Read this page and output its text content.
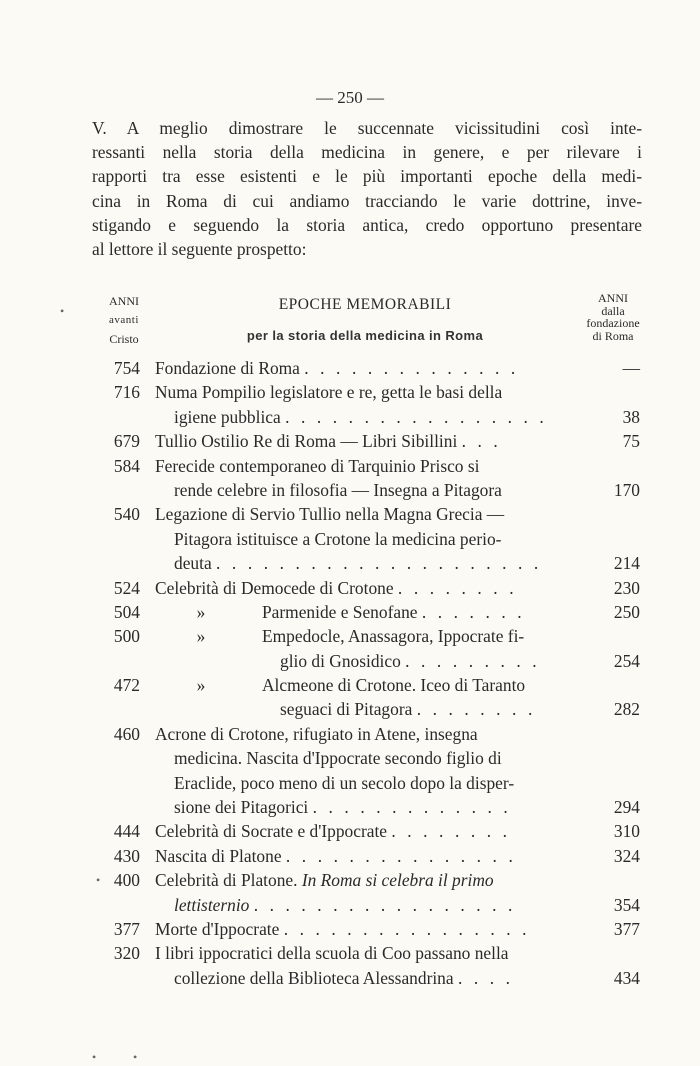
— 250 —
V. A meglio dimostrare le succennate vicissitudini così inte-
ressanti nella storia della medicina in genere, e per rilevare i
rapporti tra esse esistenti e le più importanti epoche della medi-
cina in Roma di cui andiamo tracciando le varie dottrine, inve-
stigando e seguendo la storia antica, credo opportuno presentare
al lettore il seguente prospetto:
ANNI
avanti
Cristo
EPOCHE MEMORABILI
per la storia della medicina in Roma
ANNI
dalla
fondazione
di Roma
754 Fondazione di Roma . . . . . . . . . . . . . .	—
716 Numa Pompilio legislatore e re, getta le basi della
igiene pubblica . . . . . . . . . . . . . . . . .	38
679 Tullio Ostilio Re di Roma — Libri Sibillini . . .	75
584 Ferecide contemporaneo di Tarquinio Prisco si
rende celebre in filosofia — Insegna a Pitagora	170
540 Legazione di Servio Tullio nella Magna Grecia —
Pitagora istituisce a Crotone la medicina perio-
deuta . . . . . . . . . . . . . . . . . . . . .	214
524 Celebrità di Democede di Crotone . . . . . . . .	230
504	»	Parmenide e Senofane . . . . . . .	250
500	»	Empedocle, Anassagora, Ippocrate fi-
glio di Gnosidico . . . . . . . . .	254
472	»	Alcmeone di Crotone. Iceo di Taranto
seguaci di Pitagora . . . . . . . .	282
460 Acrone di Crotone, rifugiato in Atene, insegna
medicina. Nascita d'Ippocrate secondo figlio di
Eraclide, poco meno di un secolo dopo la disper-
sione dei Pitagorici . . . . . . . . . . . . .	294
444 Celebrità di Socrate e d'Ippocrate . . . . . . . .	310
430 Nascita di Platone . . . . . . . . . . . . . . .	324
400 Celebrità di Platone. In Roma si celebra il primo
lettisternio . . . . . . . . . . . . . . . . .	354
377 Morte d'Ippocrate . . . . . . . . . . . . . . . .	377
320 I libri ippocratici della scuola di Coo passano nella
collezione della Biblioteca Alessandrina . . . .	434
•
•
•	•
